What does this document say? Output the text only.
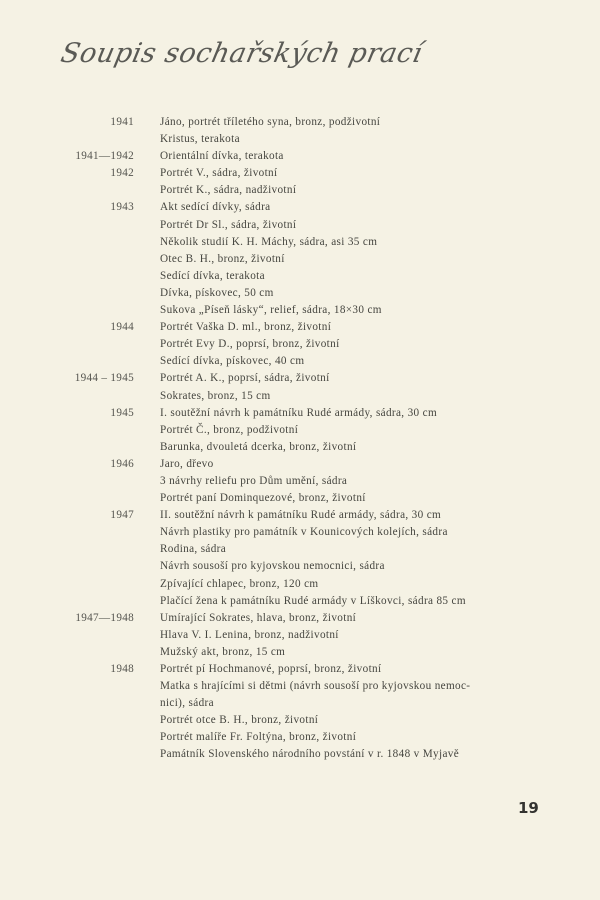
Soupis sochařských prací
1941 Jáno, portrét tříletého syna, bronz, podživotní
Kristus, terakota
1941—1942 Orientální dívka, terakota
1942 Portrét V., sádra, životní
Portrét K., sádra, nadživotní
1943 Akt sedící dívky, sádra
Portrét Dr Sl., sádra, životní
Několik studií K. H. Máchy, sádra, asi 35 cm
Otec B. H., bronz, životní
Sedící dívka, terakota
Dívka, pískovec, 50 cm
Sukova „Píseň lásky“, relief, sádra, 18×30 cm
1944 Portrét Vaška D. ml., bronz, životní
Portrét Evy D., poprsí, bronz, životní
Sedící dívka, pískovec, 40 cm
1944 – 1945 Portrét A. K., poprsí, sádra, životní
Sokrates, bronz, 15 cm
1945 I. soutěžní návrh k památníku Rudé armády, sádra, 30 cm
Portrét Č., bronz, podživotní
Barunka, dvouletá dcerka, bronz, životní
1946 Jaro, dřevo
3 návrhy reliefu pro Dům umění, sádra
Portrét paní Dominquezové, bronz, životní
1947 II. soutěžní návrh k památníku Rudé armády, sádra, 30 cm
Návrh plastiky pro památník v Kounicových kolejích, sádra
Rodina, sádra
Návrh sousoší pro kyjovskou nemocnici, sádra
Zpívající chlapec, bronz, 120 cm
Plačící žena k památníku Rudé armády v Líškovci, sádra 85 cm
1947—1948 Umírající Sokrates, hlava, bronz, životní
Hlava V. I. Lenina, bronz, nadživotní
Mužský akt, bronz, 15 cm
1948 Portrét pí Hochmanové, poprsí, bronz, životní
Matka s hrajícími si dětmi (návrh sousoší pro kyjovskou nemoc-
nici), sádra
Portrét otce B. H., bronz, životní
Portrét malíře Fr. Foltýna, bronz, životní
Památník Slovenského národního povstání v r. 1848 v Myjavě
19
